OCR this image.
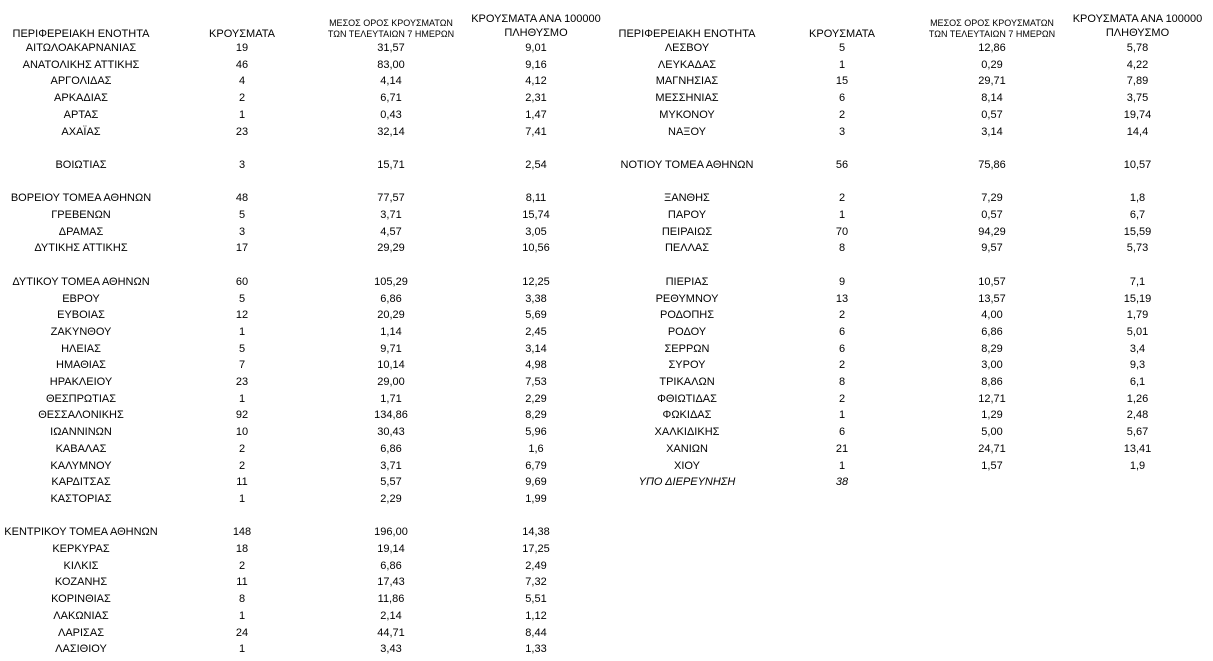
ΠΕΡΙΦΕΡΕΙΑΚΗ ΕΝΟΤΗΤΑ	ΚΡΟΥΣΜΑΤΑ	ΜΕΣΟΣ ΟΡΟΣ ΚΡΟΥΣΜΑΤΩΝ
ΤΩΝ ΤΕΛΕΥΤΑΙΩΝ 7 ΗΜΕΡΩΝ	ΚΡΟΥΣΜΑΤΑ ΑΝΑ 100000
ΠΛΗΘΥΣΜΟ
ΑΙΤΩΛΟΑΚΑΡΝΑΝΙΑΣ	19	31,57	9,01
ΑΝΑΤΟΛΙΚΗΣ ΑΤΤΙΚΗΣ	46	83,00	9,16
ΑΡΓΟΛΙΔΑΣ	4	4,14	4,12
ΑΡΚΑΔΙΑΣ	2	6,71	2,31
ΑΡΤΑΣ	1	0,43	1,47
ΑΧΑΪΑΣ	23	32,14	7,41

ΒΟΙΩΤΙΑΣ	3	15,71	2,54

ΒΟΡΕΙΟΥ ΤΟΜΕΑ ΑΘΗΝΩΝ	48	77,57	8,11
ΓΡΕΒΕΝΩΝ	5	3,71	15,74
ΔΡΑΜΑΣ	3	4,57	3,05
ΔΥΤΙΚΗΣ ΑΤΤΙΚΗΣ	17	29,29	10,56

ΔΥΤΙΚΟΥ ΤΟΜΕΑ ΑΘΗΝΩΝ	60	105,29	12,25
ΕΒΡΟΥ	5	6,86	3,38
ΕΥΒΟΙΑΣ	12	20,29	5,69
ΖΑΚΥΝΘΟΥ	1	1,14	2,45
ΗΛΕΙΑΣ	5	9,71	3,14
ΗΜΑΘΙΑΣ	7	10,14	4,98
ΗΡΑΚΛΕΙΟΥ	23	29,00	7,53
ΘΕΣΠΡΩΤΙΑΣ	1	1,71	2,29
ΘΕΣΣΑΛΟΝΙΚΗΣ	92	134,86	8,29
ΙΩΑΝΝΙΝΩΝ	10	30,43	5,96
ΚΑΒΑΛΑΣ	2	6,86	1,6
ΚΑΛΥΜΝΟΥ	2	3,71	6,79
ΚΑΡΔΙΤΣΑΣ	11	5,57	9,69
ΚΑΣΤΟΡΙΑΣ	1	2,29	1,99

ΚΕΝΤΡΙΚΟΥ ΤΟΜΕΑ ΑΘΗΝΩΝ	148	196,00	14,38
ΚΕΡΚΥΡΑΣ	18	19,14	17,25
ΚΙΛΚΙΣ	2	6,86	2,49
ΚΟΖΑΝΗΣ	11	17,43	7,32
ΚΟΡΙΝΘΙΑΣ	8	11,86	5,51
ΛΑΚΩΝΙΑΣ	1	2,14	1,12
ΛΑΡΙΣΑΣ	24	44,71	8,44
ΛΑΣΙΘΙΟΥ	1	3,43	1,33
ΠΕΡΙΦΕΡΕΙΑΚΗ ΕΝΟΤΗΤΑ	ΚΡΟΥΣΜΑΤΑ	ΜΕΣΟΣ ΟΡΟΣ ΚΡΟΥΣΜΑΤΩΝ
ΤΩΝ ΤΕΛΕΥΤΑΙΩΝ 7 ΗΜΕΡΩΝ	ΚΡΟΥΣΜΑΤΑ ΑΝΑ 100000
ΠΛΗΘΥΣΜΟ
ΛΕΣΒΟΥ	5	12,86	5,78
ΛΕΥΚΑΔΑΣ	1	0,29	4,22
ΜΑΓΝΗΣΙΑΣ	15	29,71	7,89
ΜΕΣΣΗΝΙΑΣ	6	8,14	3,75
ΜΥΚΟΝΟΥ	2	0,57	19,74
ΝΑΞΟΥ	3	3,14	14,4

ΝΟΤΙΟΥ ΤΟΜΕΑ ΑΘΗΝΩΝ	56	75,86	10,57

ΞΑΝΘΗΣ	2	7,29	1,8
ΠΑΡΟΥ	1	0,57	6,7
ΠΕΙΡΑΙΩΣ	70	94,29	15,59
ΠΕΛΛΑΣ	8	9,57	5,73

ΠΙΕΡΙΑΣ	9	10,57	7,1
ΡΕΘΥΜΝΟΥ	13	13,57	15,19
ΡΟΔΟΠΗΣ	2	4,00	1,79
ΡΟΔΟΥ	6	6,86	5,01
ΣΕΡΡΩΝ	6	8,29	3,4
ΣΥΡΟΥ	2	3,00	9,3
ΤΡΙΚΑΛΩΝ	8	8,86	6,1
ΦΘΙΩΤΙΔΑΣ	2	12,71	1,26
ΦΩΚΙΔΑΣ	1	1,29	2,48
ΧΑΛΚΙΔΙΚΗΣ	6	5,00	5,67
ΧΑΝΙΩΝ	21	24,71	13,41
ΧΙΟΥ	1	1,57	1,9
ΥΠΟ ΔΙΕΡΕΥΝΗΣΗ	38		
